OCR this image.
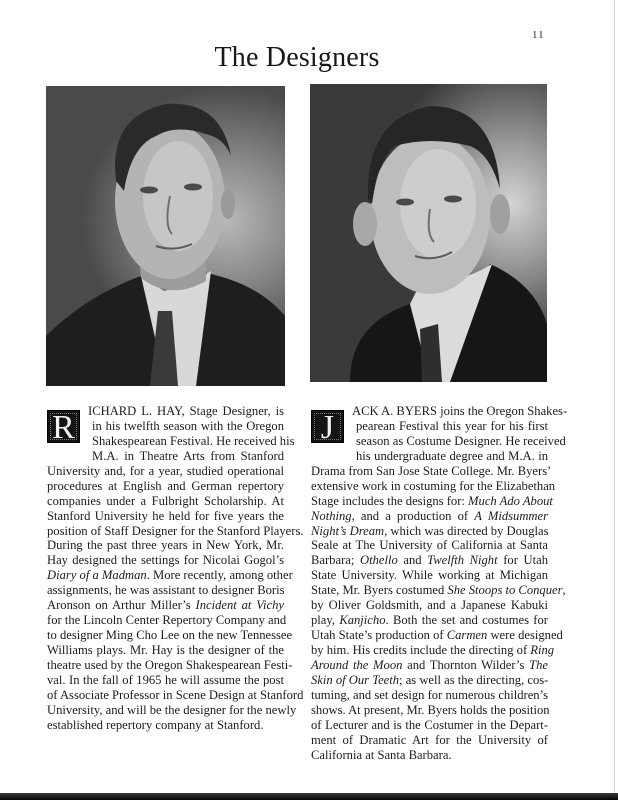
11
The Designers
R	ICHARD L. HAY, Stage Designer, is
in his twelfth season with the Oregon
Shakespearean Festival. He received his
M.A. in Theatre Arts from Stanford
University and, for a year, studied operational
procedures at English and German repertory
companies under a Fulbright Scholarship. At
Stanford University he held for five years the
position of Staff Designer for the Stanford Players.
During the past three years in New York, Mr.
Hay designed the settings for Nicolai Gogol’s
Diary of a Madman. More recently, among other
assignments, he was assistant to designer Boris
Aronson on Arthur Miller’s Incident at Vichy
for the Lincoln Center Repertory Company and
to designer Ming Cho Lee on the new Tennessee
Williams plays. Mr. Hay is the designer of the
theatre used by the Oregon Shakespearean Festi-
val. In the fall of 1965 he will assume the post
of Associate Professor in Scene Design at Stanford
University, and will be the designer for the newly
established repertory company at Stanford.
J	ACK A. BYERS joins the Oregon Shakes-
pearean Festival this year for his first
season as Costume Designer. He received
his undergraduate degree and M.A. in
Drama from San Jose State College. Mr. Byers’
extensive work in costuming for the Elizabethan
Stage includes the designs for: Much Ado About
Nothing, and a production of A Midsummer
Night’s Dream, which was directed by Douglas
Seale at The University of California at Santa
Barbara; Othello and Twelfth Night for Utah
State University. While working at Michigan
State, Mr. Byers costumed She Stoops to Conquer,
by Oliver Goldsmith, and a Japanese Kabuki
play, Kanjicho. Both the set and costumes for
Utah State’s production of Carmen were designed
by him. His credits include the directing of Ring
Around the Moon and Thornton Wilder’s The
Skin of Our Teeth; as well as the directing, cos-
tuming, and set design for numerous children’s
shows. At present, Mr. Byers holds the position
of Lecturer and is the Costumer in the Depart-
ment of Dramatic Art for the University of
California at Santa Barbara.
